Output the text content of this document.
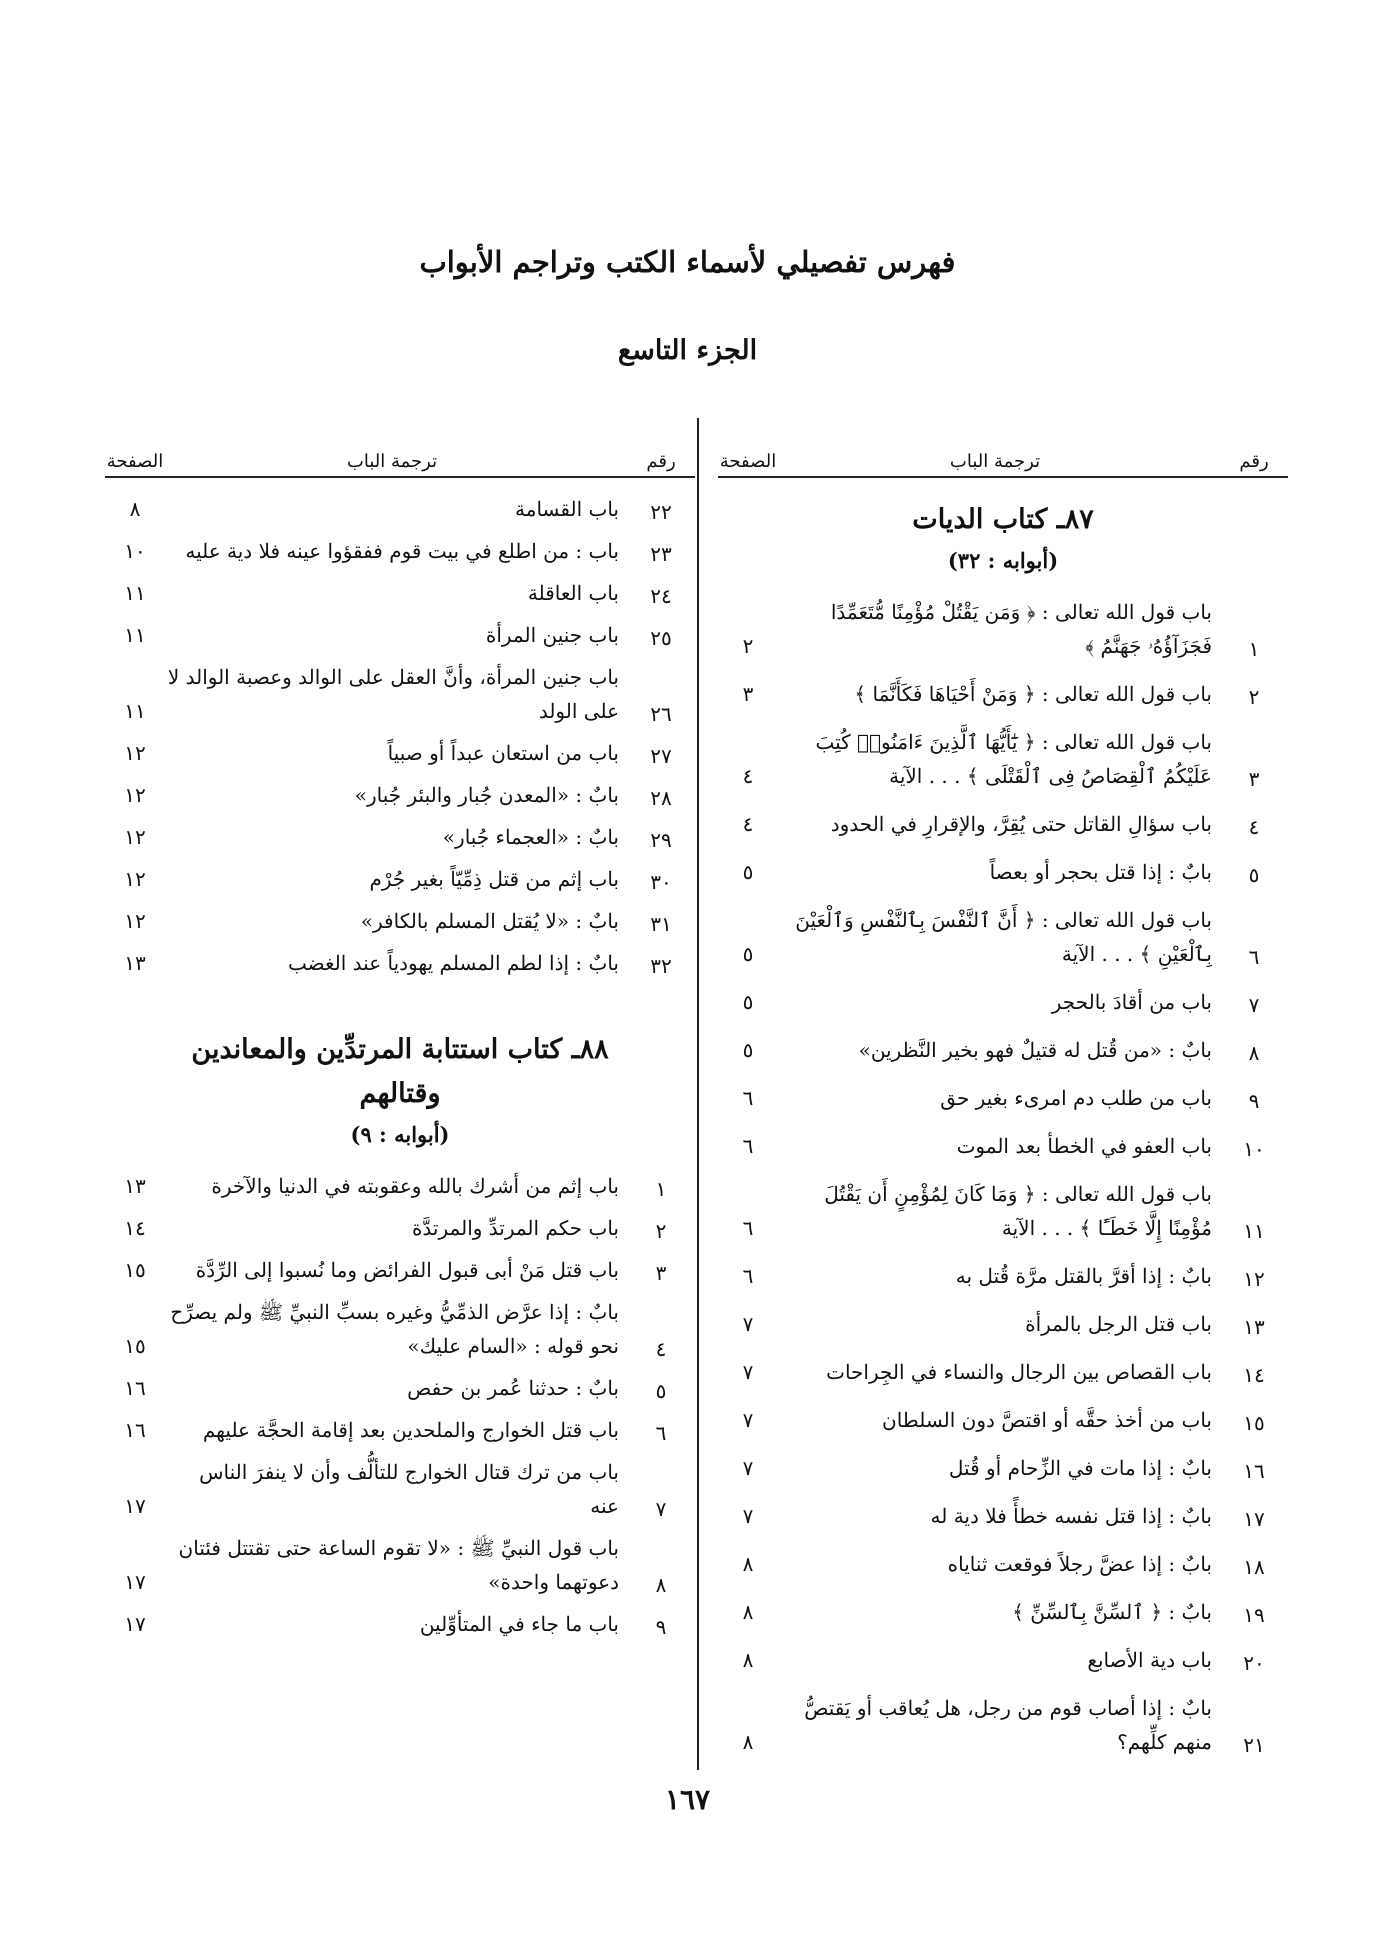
فهرس تفصيلي لأسماء الكتب وتراجم الأبواب
الجزء التاسع
رقم
ترجمة الباب
الصفحة
٨٧ـ كتاب الديات
(أبوابه : ٣٢)
١
باب قول الله تعالى : ﴿ وَمَن يَقْتُلْ مُؤْمِنًا مُّتَعَمِّدًا فَجَزَآؤُهُۥ جَهَنَّمُ ﴾
٢
٢
باب قول الله تعالى : ﴿ وَمَنْ أَحْيَاهَا فَكَأَنَّمَا ﴾
٣
٣
باب قول الله تعالى : ﴿ يَٰٓأَيُّهَا ٱلَّذِينَ ءَامَنُوا۟ كُتِبَ عَلَيْكُمُ ٱلْقِصَاصُ فِى ٱلْقَتْلَى ﴾ . . . الآية
٤
٤
باب سؤالِ القاتل حتى يُقِرَّ، والإقرارِ في الحدود
٤
٥
بابٌ : إذا قتل بحجر أو بعصاً
٥
٦
باب قول الله تعالى : ﴿ أَنَّ ٱلنَّفْسَ بِٱلنَّفْسِ وَٱلْعَيْنَ بِٱلْعَيْنِ ﴾ . . . الآية
٥
٧
باب من أقادَ بالحجر
٥
٨
بابٌ : «من قُتل له قتيلٌ فهو بخير النَّظرين»
٥
٩
باب من طلب دم امرىء بغير حق
٦
١٠
باب العفو في الخطأ بعد الموت
٦
١١
باب قول الله تعالى : ﴿ وَمَا كَانَ لِمُؤْمِنٍ أَن يَقْتُلَ مُؤْمِنًا إِلَّا خَطَـًٔا ﴾ . . . الآية
٦
١٢
بابٌ : إذا أقرَّ بالقتل مرَّة قُتل به
٦
١٣
باب قتل الرجل بالمرأة
٧
١٤
باب القصاص بين الرجال والنساء في الجِراحات
٧
١٥
باب من أخذ حقَّه أو اقتصَّ دون السلطان
٧
١٦
بابٌ : إذا مات في الزِّحام أو قُتل
٧
١٧
بابٌ : إذا قتل نفسه خطأً فلا دية له
٧
١٨
بابٌ : إذا عضَّ رجلاً فوقعت ثناياه
٨
١٩
بابٌ : ﴿ ٱلسِّنَّ بِٱلسِّنِّ ﴾
٨
٢٠
باب دية الأصابع
٨
٢١
بابٌ : إذا أصاب قوم من رجل، هل يُعاقب أو يَقتصُّ منهم كلِّهم؟
٨
رقم
ترجمة الباب
الصفحة
٢٢
باب القسامة
٨
٢٣
باب : من اطلع في بيت قوم ففقؤوا عينه فلا دية عليه
١٠
٢٤
باب العاقلة
١١
٢٥
باب جنين المرأة
١١
٢٦
باب جنين المرأة، وأنَّ العقل على الوالد وعصبة الوالد لا على الولد
١١
٢٧
باب من استعان عبداً أو صبياً
١٢
٢٨
بابٌ : «المعدن جُبار والبئر جُبار»
١٢
٢٩
بابٌ : «العجماء جُبار»
١٢
٣٠
باب إثم من قتل ذِمِّيّاً بغير جُرْم
١٢
٣١
بابٌ : «لا يُقتل المسلم بالكافر»
١٢
٣٢
بابٌ : إذا لطم المسلم يهودياً عند الغضب
١٣
٨٨ـ كتاب استتابة المرتدِّين والمعاندين وقتالهم
(أبوابه : ٩)
١
باب إثم من أشرك بالله وعقوبته في الدنيا والآخرة
١٣
٢
باب حكم المرتدِّ والمرتدَّة
١٤
٣
باب قتل مَنْ أبى قبول الفرائض وما نُسبوا إلى الرِّدَّة
١٥
٤
بابٌ : إذا عرَّض الذمِّيُّ وغيره بسبِّ النبيِّ ﷺ ولم يصرِّح نحو قوله : «السام عليك»
١٥
٥
بابٌ : حدثنا عُمر بن حفص
١٦
٦
باب قتل الخوارج والملحدين بعد إقامة الحجَّة عليهم
١٦
٧
باب من ترك قتال الخوارج للتألُّف وأن لا ينفرَ الناس عنه
١٧
٨
باب قول النبيِّ ﷺ : «لا تقوم الساعة حتى تقتتل فئتان دعوتهما واحدة»
١٧
٩
باب ما جاء في المتأوِّلين
١٧
١٦٧
